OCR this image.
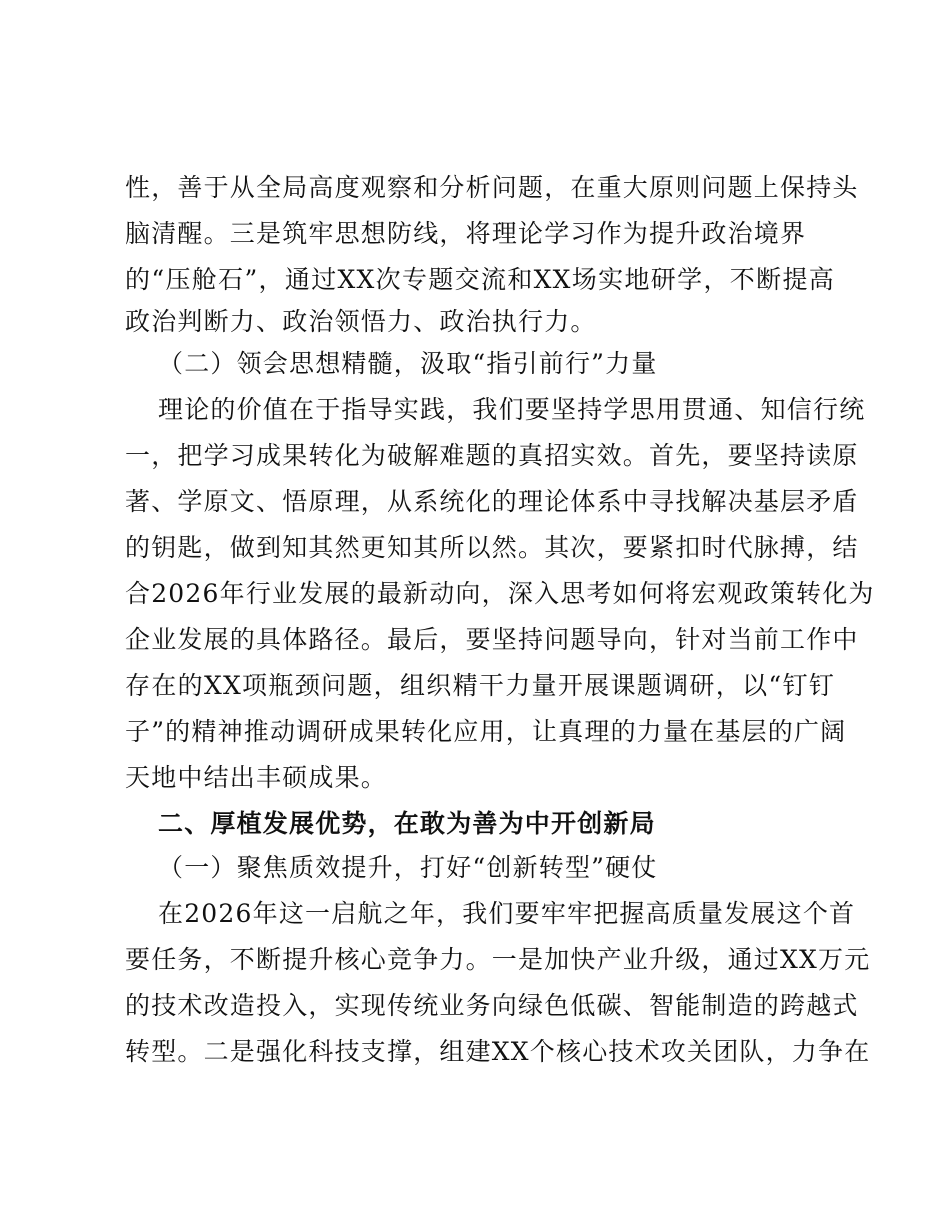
性，善于从全局高度观察和分析问题，在重大原则问题上保持头
脑清醒。三是筑牢思想防线，将理论学习作为提升政治境界
的“压舱石”，通过XX次专题交流和XX场实地研学，不断提高
政治判断力、政治领悟力、政治执行力。
（二）领会思想精髓，汲取“指引前行”力量
理论的价值在于指导实践，我们要坚持学思用贯通、知信行统
一，把学习成果转化为破解难题的真招实效。首先，要坚持读原
著、学原文、悟原理，从系统化的理论体系中寻找解决基层矛盾
的钥匙，做到知其然更知其所以然。其次，要紧扣时代脉搏，结
合2026年行业发展的最新动向，深入思考如何将宏观政策转化为
企业发展的具体路径。最后，要坚持问题导向，针对当前工作中
存在的XX项瓶颈问题，组织精干力量开展课题调研，以“钉钉
子”的精神推动调研成果转化应用，让真理的力量在基层的广阔
天地中结出丰硕成果。
二、厚植发展优势，在敢为善为中开创新局
（一）聚焦质效提升，打好“创新转型”硬仗
在2026年这一启航之年，我们要牢牢把握高质量发展这个首
要任务，不断提升核心竞争力。一是加快产业升级，通过XX万元
的技术改造投入，实现传统业务向绿色低碳、智能制造的跨越式
转型。二是强化科技支撑，组建XX个核心技术攻关团队，力争在
